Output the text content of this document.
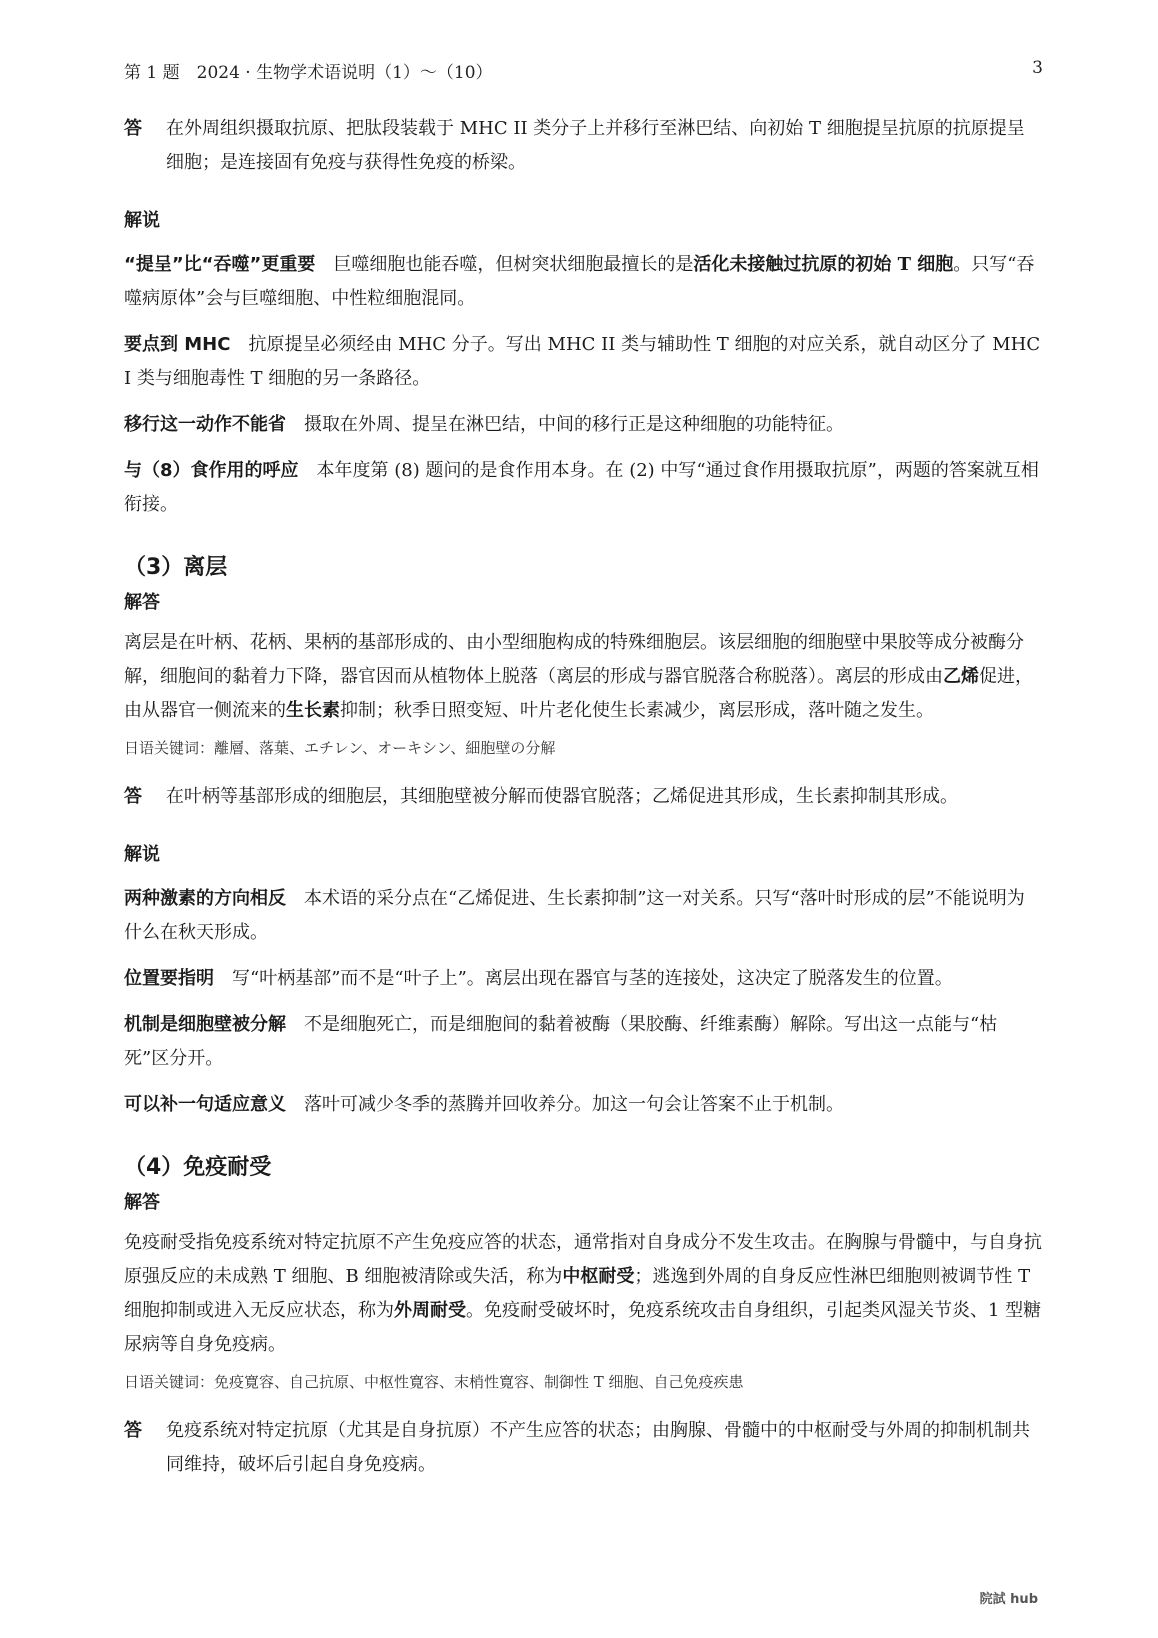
第 1 题　2024 · 生物学术语说明（1）～（10）	3
答	在外周组织摄取抗原、把肽段装载于 MHC II 类分子上并移行至淋巴结、向初始 T 细胞提呈抗原的抗原提呈细胞；是连接固有免疫与获得性免疫的桥梁。
解说
“提呈”比“吞噬”更重要 巨噬细胞也能吞噬，但树突状细胞最擅长的是活化未接触过抗原的初始 T 细胞。只写“吞噬病原体”会与巨噬细胞、中性粒细胞混同。
要点到 MHC 抗原提呈必须经由 MHC 分子。写出 MHC II 类与辅助性 T 细胞的对应关系，就自动区分了 MHC I 类与细胞毒性 T 细胞的另一条路径。
移行这一动作不能省 摄取在外周、提呈在淋巴结，中间的移行正是这种细胞的功能特征。
与（8）食作用的呼应 本年度第 (8) 题问的是食作用本身。在 (2) 中写“通过食作用摄取抗原”，两题的答案就互相衔接。
（3）离层
解答
离层是在叶柄、花柄、果柄的基部形成的、由小型细胞构成的特殊细胞层。该层细胞的细胞壁中果胶等成分被酶分解，细胞间的黏着力下降，器官因而从植物体上脱落（离层的形成与器官脱落合称脱落）。离层的形成由乙烯促进，由从器官一侧流来的生长素抑制；秋季日照变短、叶片老化使生长素减少，离层形成，落叶随之发生。
日语关键词：離層、落葉、エチレン、オーキシン、細胞壁の分解
答	在叶柄等基部形成的细胞层，其细胞壁被分解而使器官脱落；乙烯促进其形成，生长素抑制其形成。
解说
两种激素的方向相反 本术语的采分点在“乙烯促进、生长素抑制”这一对关系。只写“落叶时形成的层”不能说明为什么在秋天形成。
位置要指明 写“叶柄基部”而不是“叶子上”。离层出现在器官与茎的连接处，这决定了脱落发生的位置。
机制是细胞壁被分解 不是细胞死亡，而是细胞间的黏着被酶（果胶酶、纤维素酶）解除。写出这一点能与“枯死”区分开。
可以补一句适应意义 落叶可减少冬季的蒸腾并回收养分。加这一句会让答案不止于机制。
（4）免疫耐受
解答
免疫耐受指免疫系统对特定抗原不产生免疫应答的状态，通常指对自身成分不发生攻击。在胸腺与骨髓中，与自身抗原强反应的未成熟 T 细胞、B 细胞被清除或失活，称为中枢耐受；逃逸到外周的自身反应性淋巴细胞则被调节性 T 细胞抑制或进入无反应状态，称为外周耐受。免疫耐受破坏时，免疫系统攻击自身组织，引起类风湿关节炎、1 型糖尿病等自身免疫病。
日语关键词：免疫寛容、自己抗原、中枢性寛容、末梢性寛容、制御性 T 细胞、自己免疫疾患
答	免疫系统对特定抗原（尤其是自身抗原）不产生应答的状态；由胸腺、骨髓中的中枢耐受与外周的抑制机制共同维持，破坏后引起自身免疫病。
院試 hub
